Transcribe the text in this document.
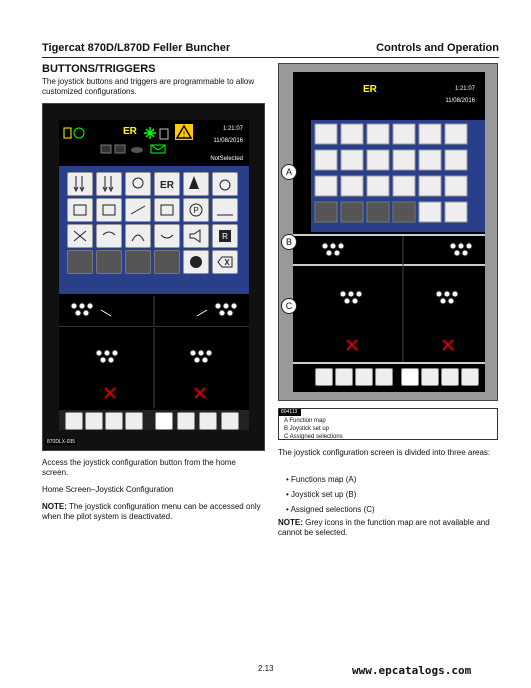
Tigercat 870D/L870D Feller Buncher	Controls and Operation
BUTTONS/TRIGGERS
The joystick buttons and triggers are programmable to allow customized configurations.
ER	!
1:21:07
11/08/2016
NotSelected
ER
P
R
870DLX-035
Access the joystick configuration button from the home screen.
Home Screen–Joystick Configuration
NOTE: The joystick configuration menu can be accessed only when the pilot system is deactivated.
ER	1:21:07
11/08/2016
A
B
C
804113
A Function map
B Joystick set up
C Assigned selections
The joystick configuration screen is divided into three areas:
• Functions map (A)
• Joystick set up (B)
• Assigned selections (C)
NOTE: Grey icons in the function map are not available and cannot be selected.
2.13	www.epcatalogs.com
